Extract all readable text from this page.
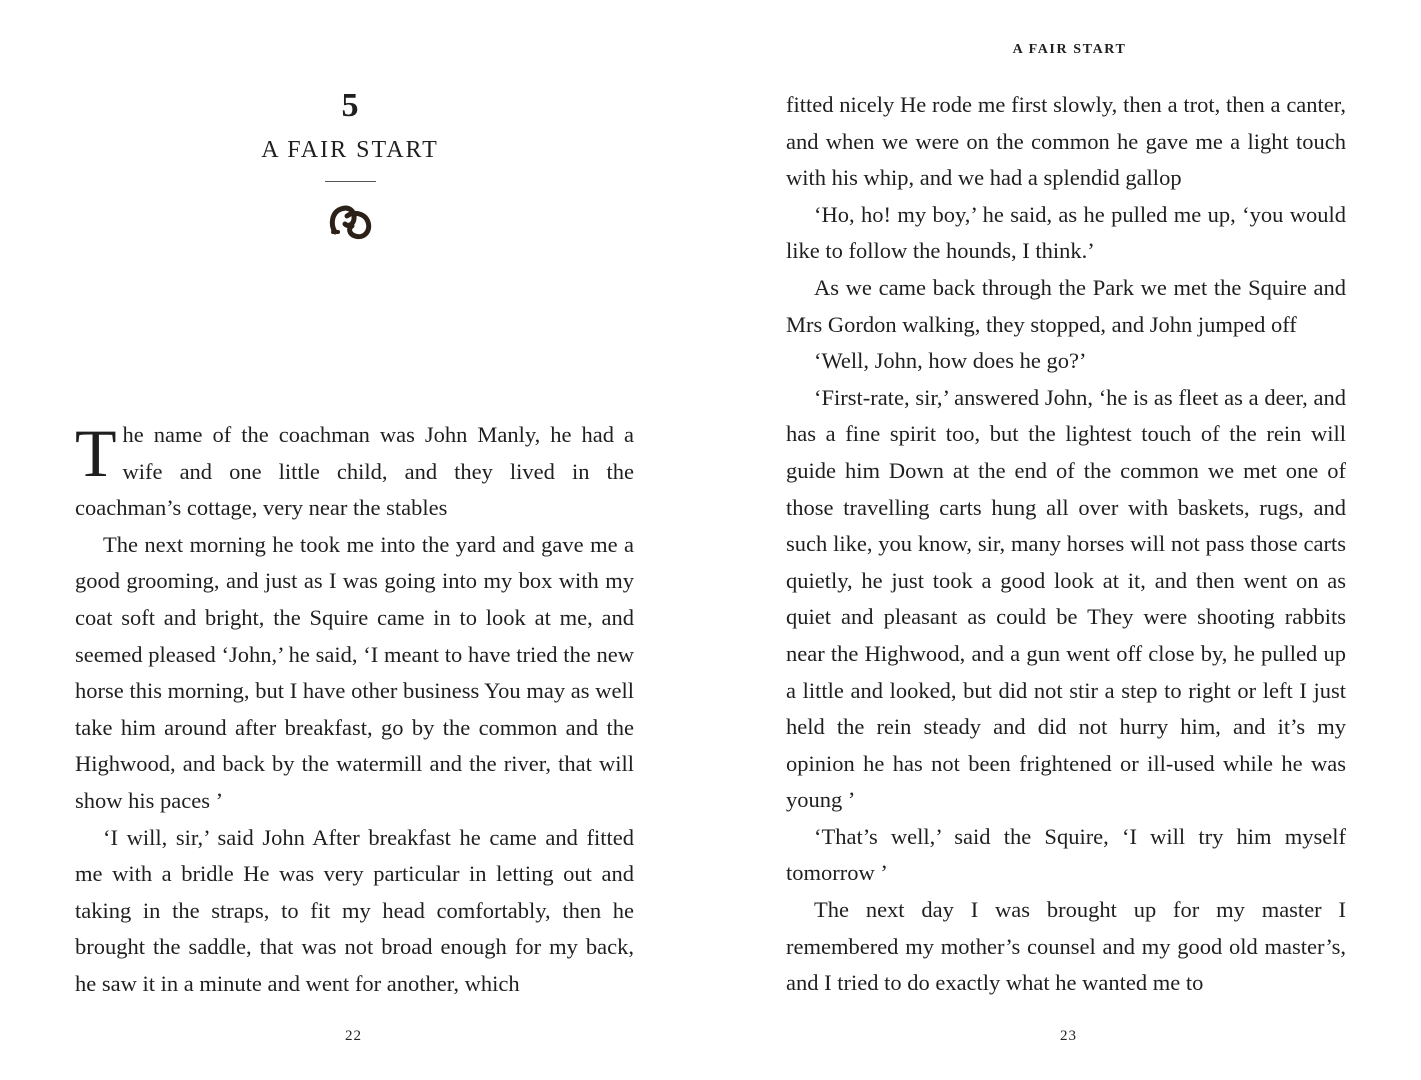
5
A FAIR START

The name of the coachman was John Manly, he had a wife and one little child, and they lived in the coachman’s cottage, very near the stables

The next morning he took me into the yard and gave me a good grooming, and just as I was going into my box with my coat soft and bright, the Squire came in to look at me, and seemed pleased ‘John,’ he said, ‘I meant to have tried the new horse this morning, but I have other business You may as well take him around after breakfast, go by the common and the Highwood, and back by the watermill and the river, that will show his paces ’

‘I will, sir,’ said John After breakfast he came and fitted me with a bridle He was very particular in letting out and taking in the straps, to fit my head comfortably, then he brought the saddle, that was not broad enough for my back, he saw it in a minute and went for another, which

22
A FAIR START

fitted nicely He rode me first slowly, then a trot, then a canter, and when we were on the common he gave me a light touch with his whip, and we had a splendid gallop

‘Ho, ho! my boy,’ he said, as he pulled me up, ‘you would like to follow the hounds, I think.’

As we came back through the Park we met the Squire and Mrs Gordon walking, they stopped, and John jumped off

‘Well, John, how does he go?’

‘First-rate, sir,’ answered John, ‘he is as fleet as a deer, and has a fine spirit too, but the lightest touch of the rein will guide him Down at the end of the common we met one of those travelling carts hung all over with baskets, rugs, and such like, you know, sir, many horses will not pass those carts quietly, he just took a good look at it, and then went on as quiet and pleasant as could be They were shooting rabbits near the Highwood, and a gun went off close by, he pulled up a little and looked, but did not stir a step to right or left I just held the rein steady and did not hurry him, and it’s my opinion he has not been frightened or ill-used while he was young ’

‘That’s well,’ said the Squire, ‘I will try him myself tomorrow ’

The next day I was brought up for my master I remembered my mother’s counsel and my good old master’s, and I tried to do exactly what he wanted me to

23
